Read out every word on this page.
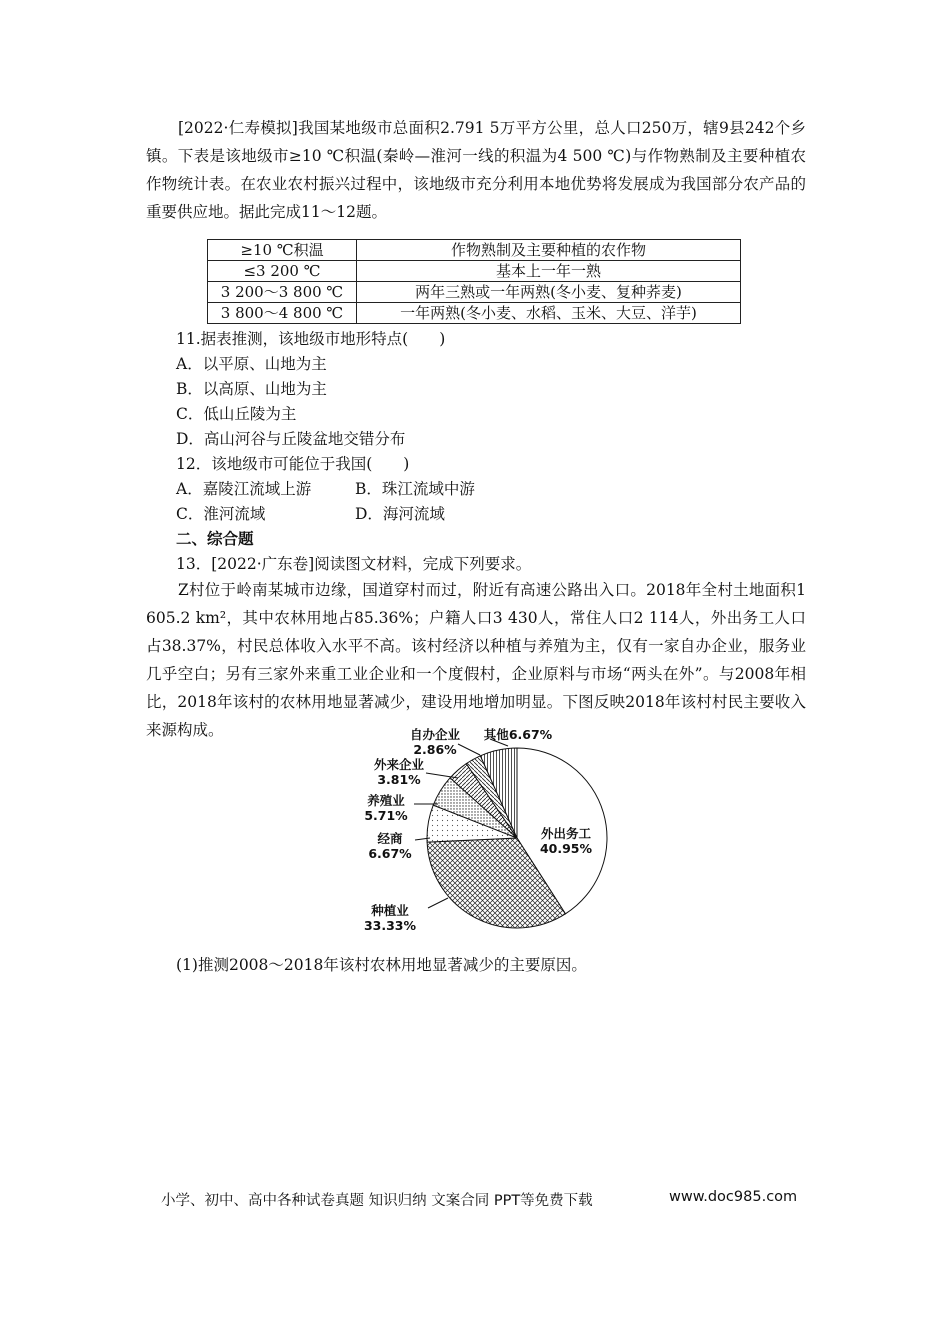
[2022·仁寿模拟]我国某地级市总面积2.791 5万平方公里，总人口250万，辖9县242个乡镇。下表是该地级市≥10 ℃积温(秦岭—淮河一线的积温为4 500 ℃)与作物熟制及主要种植农作物统计表。在农业农村振兴过程中，该地级市充分利用本地优势将发展成为我国部分农产品的重要供应地。据此完成11～12题。
≥10 ℃积温	作物熟制及主要种植的农作物
≤3 200 ℃	基本上一年一熟
3 200～3 800 ℃	两年三熟或一年两熟(冬小麦、复种荞麦)
3 800～4 800 ℃	一年两熟(冬小麦、水稻、玉米、大豆、洋芋)
11.据表推测，该地级市地形特点(　　)
A．以平原、山地为主
B．以高原、山地为主
C．低山丘陵为主
D．高山河谷与丘陵盆地交错分布
12．该地级市可能位于我国(　　)
A．嘉陵江流域上游	B．珠江流域中游
C．淮河流域	D．海河流域
二、综合题
13．[2022·广东卷]阅读图文材料，完成下列要求。
Z村位于岭南某城市边缘，国道穿村而过，附近有高速公路出入口。2018年全村土地面积1 605.2 km²，其中农林用地占85.36%；户籍人口3 430人，常住人口2 114人，外出务工人口占38.37%，村民总体收入水平不高。该村经济以种植与养殖为主，仅有一家自办企业，服务业几乎空白；另有三家外来重工业企业和一个度假村，企业原料与市场“两头在外”。与2008年相比，2018年该村的农林用地显著减少，建设用地增加明显。下图反映2018年该村村民主要收入来源构成。
外出务工
40.95%
种植业
33.33%
经商
6.67%
养殖业
5.71%
外来企业
3.81%
自办企业
2.86%
其他6.67%
(1)推测2008～2018年该村农林用地显著减少的主要原因。
小学、初中、高中各种试卷真题 知识归纳 文案合同 PPT等免费下载	www.doc985.com
